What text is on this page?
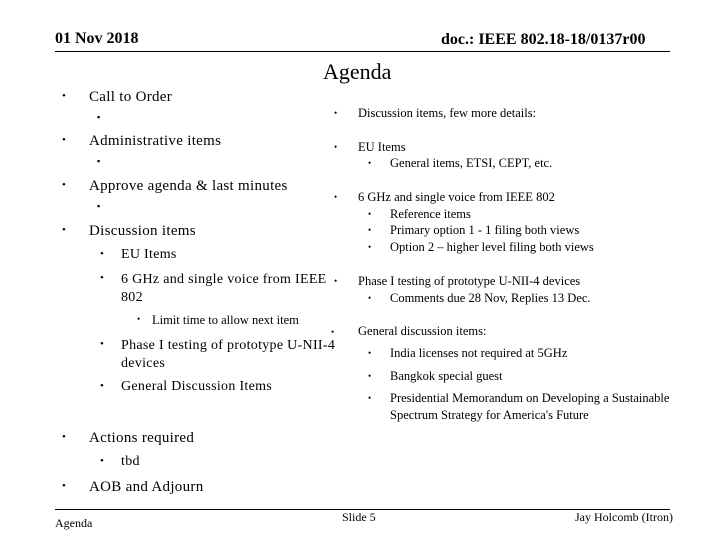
01 Nov 2018	doc.: IEEE 802.18-18/0137r00
Agenda
• Call to Order
▪
• Administrative items
▪
• Approve agenda & last minutes
▪
• Discussion items
• EU Items
• 6 GHz and single voice from IEEE 802
• Limit time to allow next item
• Phase I testing of prototype U-NII-4 devices
• General Discussion Items
• Actions required
• tbd
• AOB and Adjourn
• Discussion items, few more details:
• EU Items
• General items, ETSI, CEPT, etc.
• 6 GHz and single voice from IEEE 802
• Reference items
• Primary option 1 - 1 filing both views
• Option 2 – higher level filing both views
• Phase I testing of prototype U-NII-4 devices
• Comments due 28 Nov, Replies 13 Dec.
• General discussion items:
• India licenses not required at 5GHz
• Bangkok special guest
• Presidential Memorandum on Developing a Sustainable Spectrum Strategy for America's Future
Agenda	Slide 5	Jay Holcomb (Itron)
